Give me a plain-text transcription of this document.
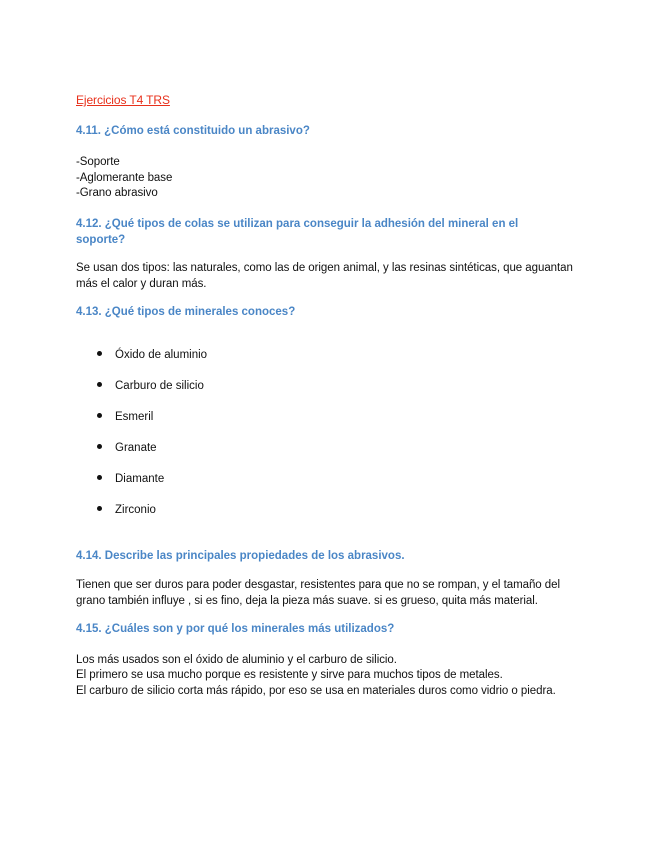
Ejercicios T4 TRS
4.11. ¿Cómo está constituido un abrasivo?
-Soporte
-Aglomerante base
-Grano abrasivo
4.12. ¿Qué tipos de colas se utilizan para conseguir la adhesión del mineral en el soporte?
Se usan dos tipos: las naturales, como las de origen animal, y las resinas sintéticas, que aguantan más el calor y duran más.
4.13. ¿Qué tipos de minerales conoces?
Óxido de aluminio
Carburo de silicio
Esmeril
Granate
Diamante
Zirconio
4.14. Describe las principales propiedades de los abrasivos.
Tienen que ser duros para poder desgastar, resistentes para que no se rompan, y el tamaño del grano también influye , si es fino, deja la pieza más suave. si es grueso, quita más material.
4.15. ¿Cuáles son y por qué los minerales más utilizados?
Los más usados son el óxido de aluminio y el carburo de silicio.
El primero se usa mucho porque es resistente y sirve para muchos tipos de metales.
El carburo de silicio corta más rápido, por eso se usa en materiales duros como vidrio o piedra.
